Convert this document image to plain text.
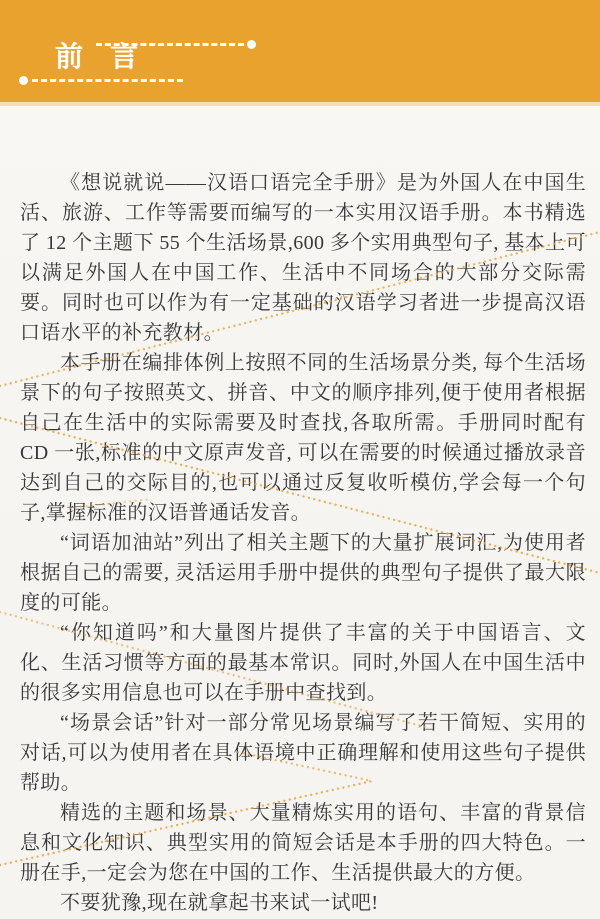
前 言

《想说就说——汉语口语完全手册》是为外国人在中国生活、旅游、工作等需要而编写的一本实用汉语手册。本书精选了 12 个主题下 55 个生活场景,600 多个实用典型句子, 基本上可以满足外国人在中国工作、生活中不同场合的大部分交际需要。同时也可以作为有一定基础的汉语学习者进一步提高汉语口语水平的补充教材。

本手册在编排体例上按照不同的生活场景分类, 每个生活场景下的句子按照英文、拼音、中文的顺序排列,便于使用者根据自己在生活中的实际需要及时查找,各取所需。手册同时配有 CD 一张,标准的中文原声发音, 可以在需要的时候通过播放录音达到自己的交际目的,也可以通过反复收听模仿,学会每一个句子,掌握标准的汉语普通话发音。

“词语加油站”列出了相关主题下的大量扩展词汇,为使用者根据自己的需要, 灵活运用手册中提供的典型句子提供了最大限度的可能。

“你知道吗”和大量图片提供了丰富的关于中国语言、文化、生活习惯等方面的最基本常识。同时,外国人在中国生活中的很多实用信息也可以在手册中查找到。

“场景会话”针对一部分常见场景编写了若干简短、实用的对话,可以为使用者在具体语境中正确理解和使用这些句子提供帮助。

精选的主题和场景、大量精炼实用的语句、丰富的背景信息和文化知识、典型实用的简短会话是本手册的四大特色。一册在手,一定会为您在中国的工作、生活提供最大的方便。

不要犹豫,现在就拿起书来试一试吧!
